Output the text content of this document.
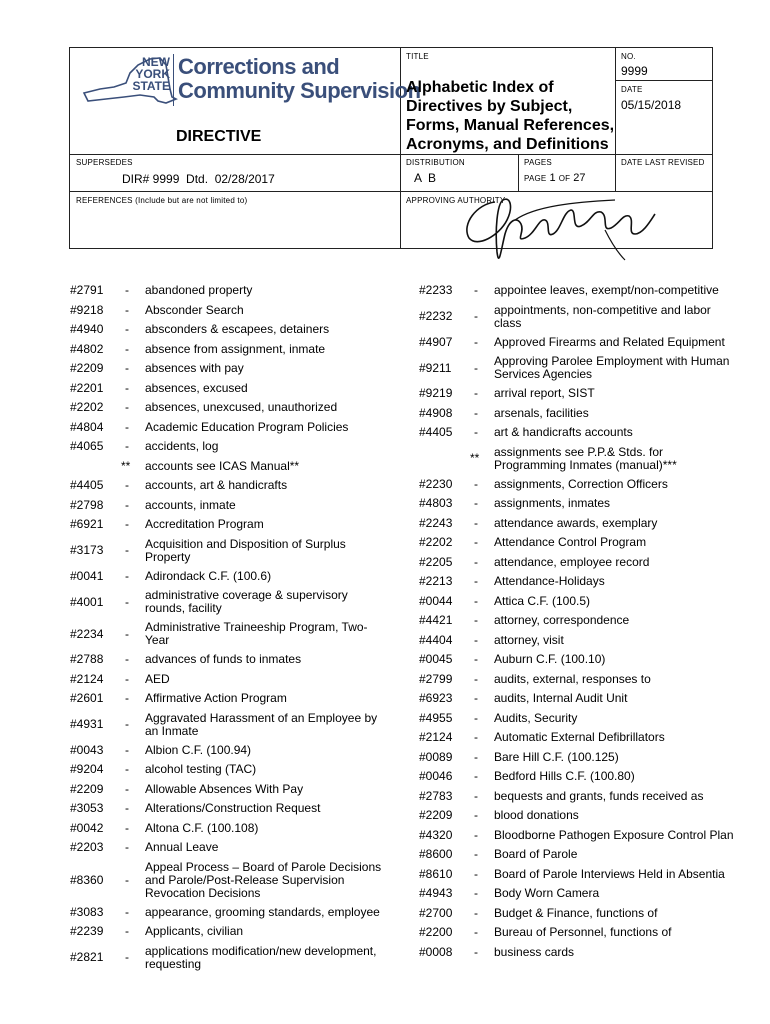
NEW
YORK
STATE
Corrections and
Community Supervision
DIRECTIVE
TITLE
Alphabetic Index of
Directives by Subject,
Forms, Manual References,
Acronyms, and Definitions
NO.
9999
DATE
05/15/2018
SUPERSEDES
DIR# 9999  Dtd.  02/28/2017
DISTRIBUTION
A  B
PAGES
PAGE 1 OF 27
DATE LAST REVISED
REFERENCES (Include but are not limited to)	APPROVING AUTHORITY
#2791 - abandoned property
#9218 - Absconder Search
#4940 - absconders & escapees, detainers
#4802 - absence from assignment, inmate
#2209 - absences with pay
#2201 - absences, excused
#2202 - absences, unexcused, unauthorized
#4804 - Academic Education Program Policies
#4065 - accidents, log
** accounts see ICAS Manual**
#4405 - accounts, art & handicrafts
#2798 - accounts, inmate
#6921 - Accreditation Program
#3173 - Acquisition and Disposition of Surplus
Property
#0041 - Adirondack C.F. (100.6)
#4001 - administrative coverage & supervisory
rounds, facility
#2234 - Administrative Traineeship Program, Two-
Year
#2788 - advances of funds to inmates
#2124 - AED
#2601 - Affirmative Action Program
#4931 - Aggravated Harassment of an Employee by
an Inmate
#0043 - Albion C.F. (100.94)
#9204 - alcohol testing (TAC)
#2209 - Allowable Absences With Pay
#3053 - Alterations/Construction Request
#0042 - Altona C.F. (100.108)
#2203 - Annual Leave
#8360 -
Appeal Process – Board of Parole Decisions
and Parole/Post-Release Supervision
Revocation Decisions
#3083 - appearance, grooming standards, employee
#2239 - Applicants, civilian
#2821 - applications modification/new development,
requesting
#2233 - appointee leaves, exempt/non-competitive
#2232 - appointments, non-competitive and labor
class
#4907 - Approved Firearms and Related Equipment
#9211 - Approving Parolee Employment with Human
Services Agencies
#9219 - arrival report, SIST
#4908 - arsenals, facilities
#4405 - art & handicrafts accounts
** assignments see P.P.& Stds. for
Programming Inmates (manual)***
#2230 - assignments, Correction Officers
#4803 - assignments, inmates
#2243 - attendance awards, exemplary
#2202 - Attendance Control Program
#2205 - attendance, employee record
#2213 - Attendance-Holidays
#0044 - Attica C.F. (100.5)
#4421 - attorney, correspondence
#4404 - attorney, visit
#0045 - Auburn C.F. (100.10)
#2799 - audits, external, responses to
#6923 - audits, Internal Audit Unit
#4955 - Audits, Security
#2124 - Automatic External Defibrillators
#0089 - Bare Hill C.F. (100.125)
#0046 - Bedford Hills C.F. (100.80)
#2783 - bequests and grants, funds received as
#2209 - blood donations
#4320 - Bloodborne Pathogen Exposure Control Plan
#8600 - Board of Parole
#8610 - Board of Parole Interviews Held in Absentia
#4943 - Body Worn Camera
#2700 - Budget & Finance, functions of
#2200 - Bureau of Personnel, functions of
#0008 - business cards
